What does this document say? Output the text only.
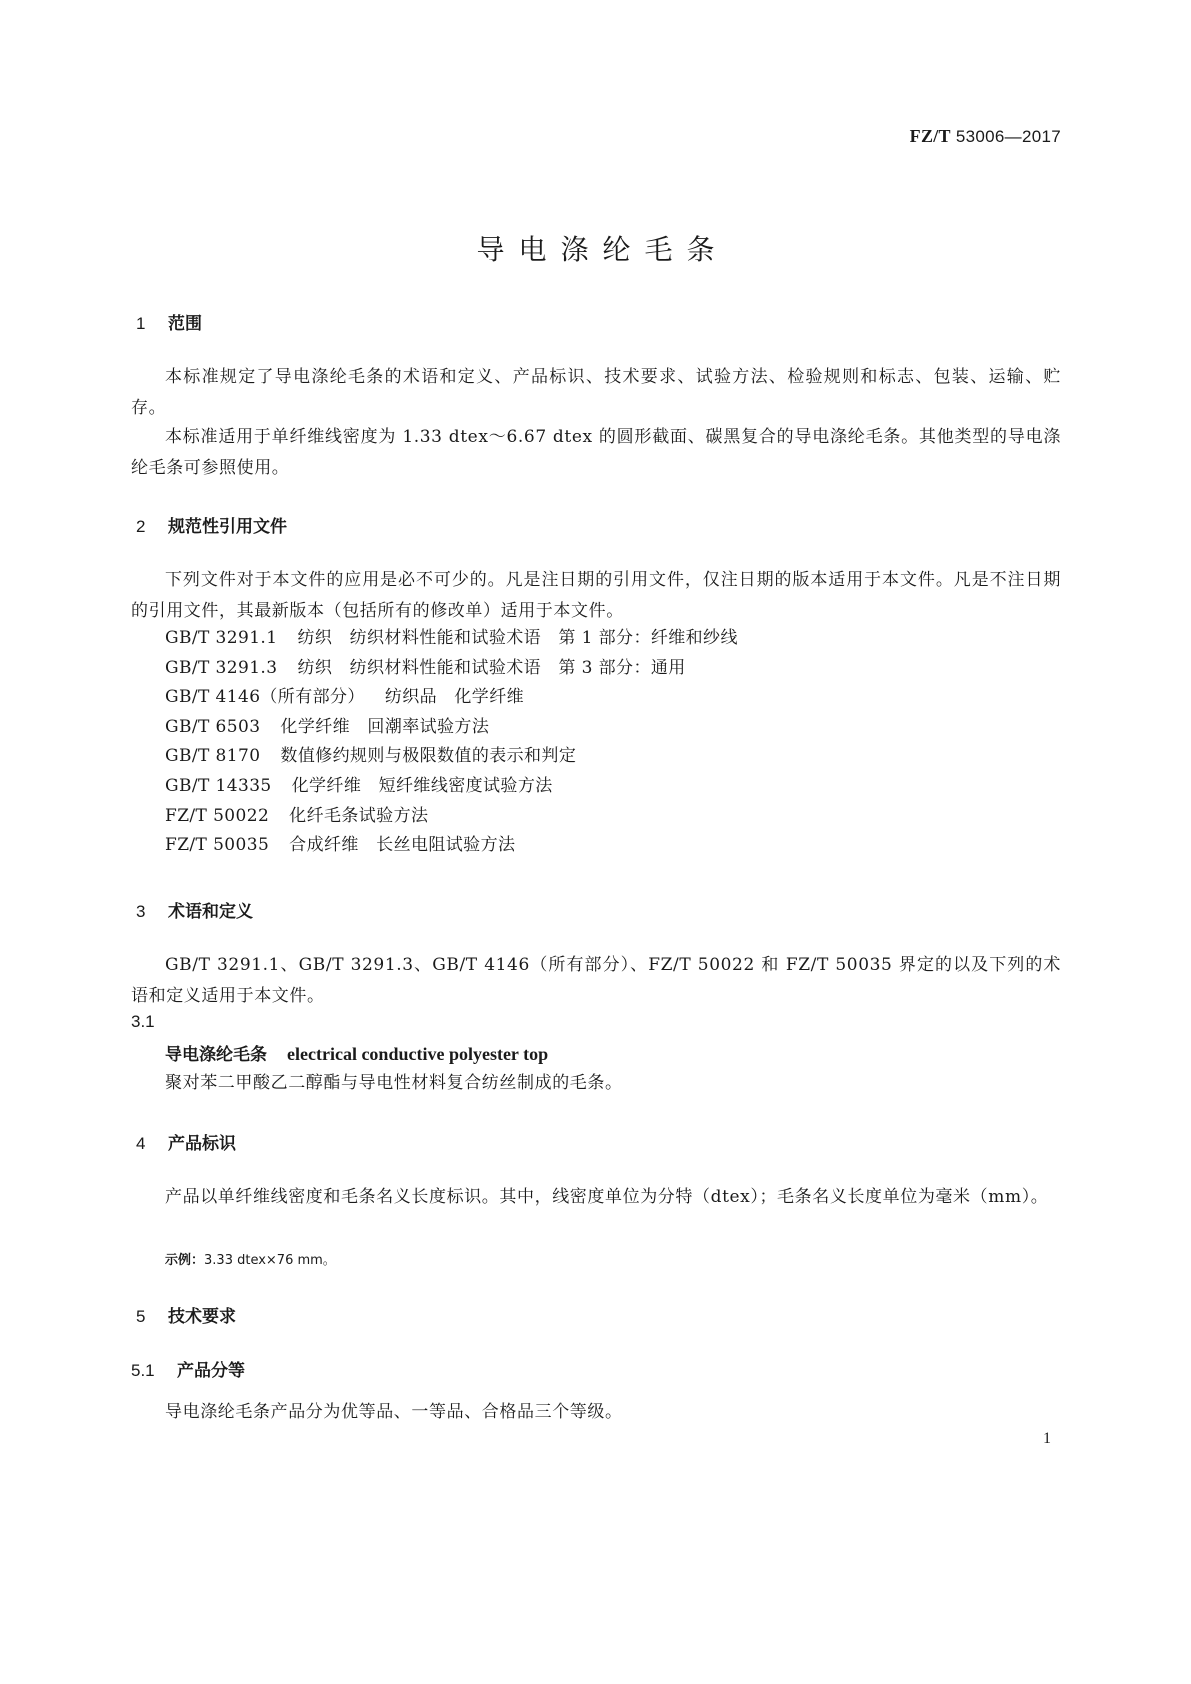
FZ/T 53006—2017
导电涤纶毛条
1 范围
本标准规定了导电涤纶毛条的术语和定义、产品标识、技术要求、试验方法、检验规则和标志、包装、运输、贮存。
本标准适用于单纤维线密度为 1.33 dtex～6.67 dtex 的圆形截面、碳黑复合的导电涤纶毛条。其他类型的导电涤纶毛条可参照使用。
2 规范性引用文件
下列文件对于本文件的应用是必不可少的。凡是注日期的引用文件，仅注日期的版本适用于本文件。凡是不注日期的引用文件，其最新版本（包括所有的修改单）适用于本文件。
GB/T 3291.1 纺织　纺织材料性能和试验术语　第 1 部分：纤维和纱线
GB/T 3291.3 纺织　纺织材料性能和试验术语　第 3 部分：通用
GB/T 4146（所有部分） 纺织品　化学纤维
GB/T 6503 化学纤维　回潮率试验方法
GB/T 8170 数值修约规则与极限数值的表示和判定
GB/T 14335 化学纤维　短纤维线密度试验方法
FZ/T 50022 化纤毛条试验方法
FZ/T 50035 合成纤维　长丝电阻试验方法
3 术语和定义
GB/T 3291.1、GB/T 3291.3、GB/T 4146（所有部分）、FZ/T 50022 和 FZ/T 50035 界定的以及下列的术语和定义适用于本文件。
3.1
导电涤纶毛条 electrical conductive polyester top
聚对苯二甲酸乙二醇酯与导电性材料复合纺丝制成的毛条。
4 产品标识
产品以单纤维线密度和毛条名义长度标识。其中，线密度单位为分特（dtex）；毛条名义长度单位为毫米（mm）。
示例：3.33 dtex×76 mm。
5 技术要求
5.1 产品分等
导电涤纶毛条产品分为优等品、一等品、合格品三个等级。
1
